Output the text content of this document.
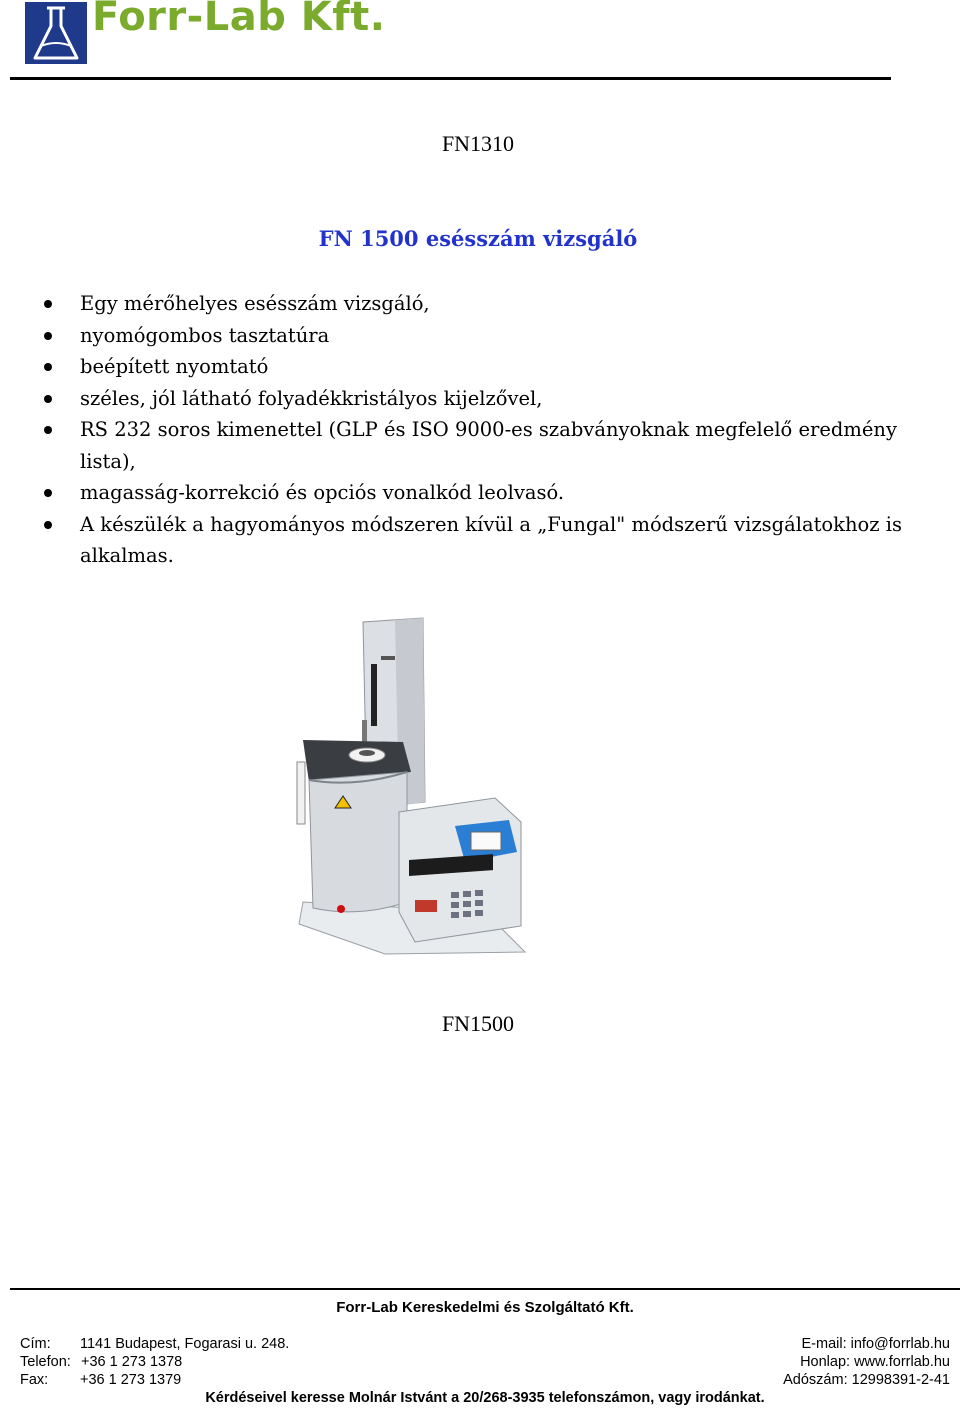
Forr-Lab Kft.
FN1310
FN 1500 esésszám vizsgáló
Egy mérőhelyes esésszám vizsgáló,
nyomógombos tasztatúra
beépített nyomtató
széles, jól látható folyadékkristályos kijelzővel,
RS 232 soros kimenettel (GLP és ISO 9000-es szabványoknak megfelelő eredmény lista),
magasság-korrekció és opciós vonalkód leolvasó.
A készülék a hagyományos módszeren kívül a „Fungal" módszerű vizsgálatokhoz is alkalmas.
FN1500
Forr-Lab Kereskedelmi és Szolgáltató Kft.
Cím: 1141 Budapest, Fogarasi u. 248.	E-mail: info@forrlab.hu
Telefon: +36 1 273 1378	Honlap: www.forrlab.hu
Fax: +36 1 273 1379	Adószám: 12998391-2-41
Kérdéseivel keresse Molnár Istvánt a 20/268-3935 telefonszámon, vagy irodánkat.
